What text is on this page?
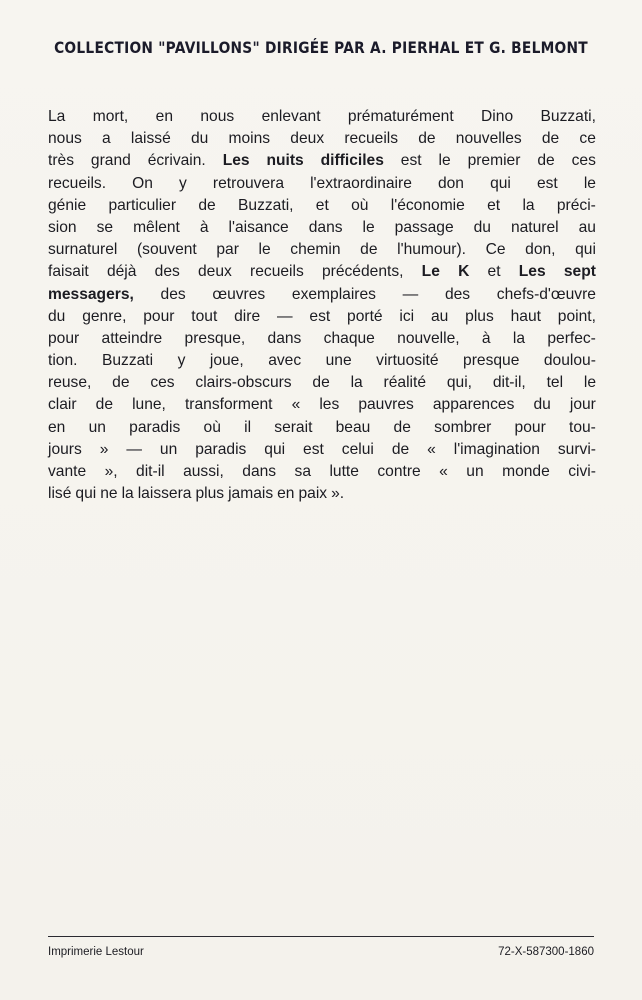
COLLECTION "PAVILLONS" DIRIGÉE PAR A. PIERHAL ET G. BELMONT
La mort, en nous enlevant prématurément Dino Buzzati,
nous a laissé du moins deux recueils de nouvelles de ce
très grand écrivain. Les nuits difficiles est le premier de ces
recueils. On y retrouvera l'extraordinaire don qui est le
génie particulier de Buzzati, et où l'économie et la préci-
sion se mêlent à l'aisance dans le passage du naturel au
surnaturel (souvent par le chemin de l'humour). Ce don, qui
faisait déjà des deux recueils précédents, Le K et Les sept
messagers, des œuvres exemplaires — des chefs-d'œuvre
du genre, pour tout dire — est porté ici au plus haut point,
pour atteindre presque, dans chaque nouvelle, à la perfec-
tion. Buzzati y joue, avec une virtuosité presque doulou-
reuse, de ces clairs-obscurs de la réalité qui, dit-il, tel le
clair de lune, transforment « les pauvres apparences du jour
en un paradis où il serait beau de sombrer pour tou-
jours » — un paradis qui est celui de « l'imagination survi-
vante », dit-il aussi, dans sa lutte contre « un monde civi-
lisé qui ne la laissera plus jamais en paix ».
Imprimerie Lestour	72-X-587300-1860
